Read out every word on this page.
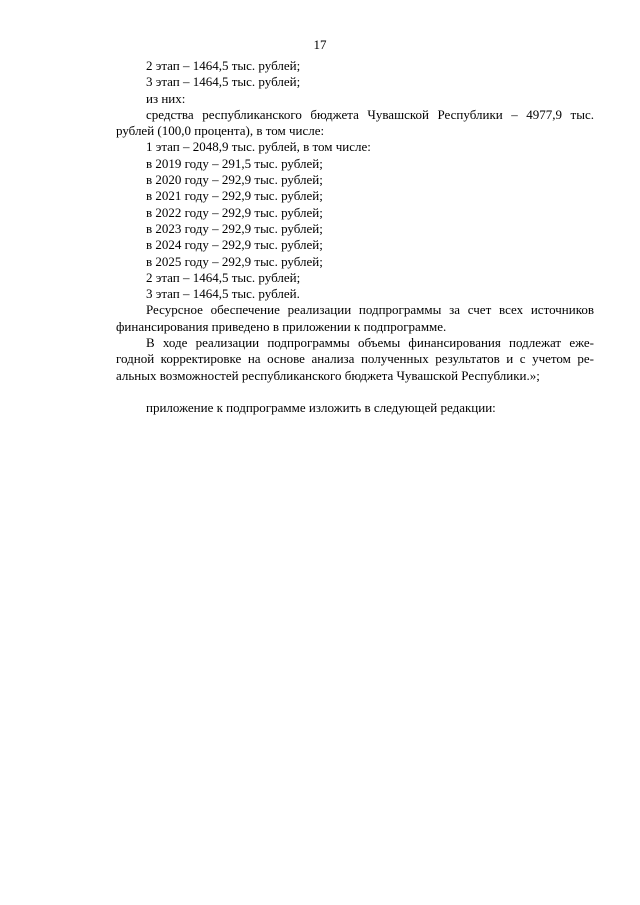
17
2 этап – 1464,5 тыс. рублей;
3 этап – 1464,5 тыс. рублей;
из них:
средства республиканского бюджета Чувашской Республики – 4977,9 тыс.
рублей (100,0 процента), в том числе:
1 этап – 2048,9 тыс. рублей, в том числе:
в 2019 году – 291,5 тыс. рублей;
в 2020 году – 292,9 тыс. рублей;
в 2021 году – 292,9 тыс. рублей;
в 2022 году – 292,9 тыс. рублей;
в 2023 году – 292,9 тыс. рублей;
в 2024 году – 292,9 тыс. рублей;
в 2025 году – 292,9 тыс. рублей;
2 этап – 1464,5 тыс. рублей;
3 этап – 1464,5 тыс. рублей.
Ресурсное обеспечение реализации подпрограммы за счет всех источников
финансирования приведено в приложении к подпрограмме.
В ходе реализации подпрограммы объемы финансирования подлежат еже-
годной корректировке на основе анализа полученных результатов и с учетом ре-
альных возможностей республиканского бюджета Чувашской Республики.»;
приложение к подпрограмме изложить в следующей редакции:
